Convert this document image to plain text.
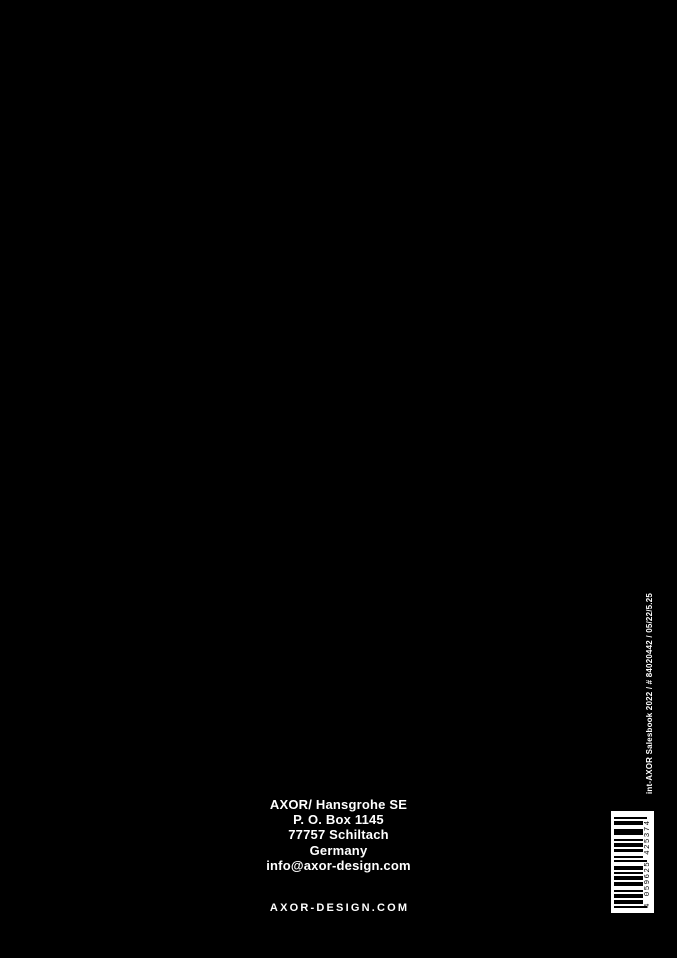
AXOR/ Hansgrohe SE
P. O. Box 1145
77757 Schiltach
Germany
info@axor-design.com
AXOR-DESIGN.COM
int-AXOR Salesbook 2022 / # 84020442 / 05/22/5.25
4 059625 425374
